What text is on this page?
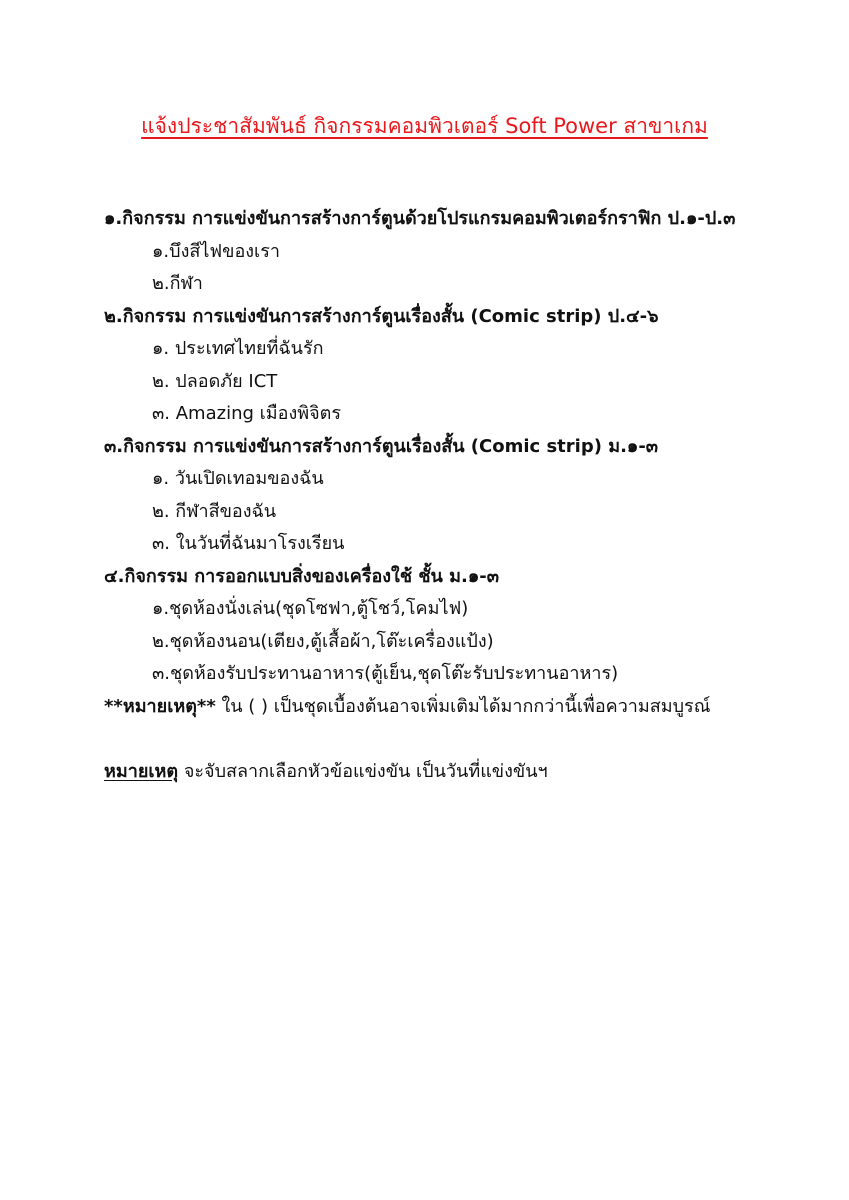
แจ้งประชาสัมพันธ์ กิจกรรมคอมพิวเตอร์ Soft Power สาขาเกม
๑.กิจกรรม การแข่งขันการสร้างการ์ตูนด้วยโปรแกรมคอมพิวเตอร์กราฟิก ป.๑-ป.๓
๑.บึงสีไฟของเรา
๒.กีฬา
๒.กิจกรรม การแข่งขันการสร้างการ์ตูนเรื่องสั้น (Comic strip) ป.๔-๖
๑. ประเทศไทยที่ฉันรัก
๒. ปลอดภัย ICT
๓. Amazing เมืองพิจิตร
๓.กิจกรรม การแข่งขันการสร้างการ์ตูนเรื่องสั้น (Comic strip) ม.๑-๓
๑. วันเปิดเทอมของฉัน
๒. กีฬาสีของฉัน
๓. ในวันที่ฉันมาโรงเรียน
๔.กิจกรรม การออกแบบสิ่งของเครื่องใช้ ชั้น ม.๑-๓
๑.ชุดห้องนั่งเล่น(ชุดโซฟา,ตู้โชว์,โคมไฟ)
๒.ชุดห้องนอน(เตียง,ตู้เสื้อผ้า,โต๊ะเครื่องแป้ง)
๓.ชุดห้องรับประทานอาหาร(ตู้เย็น,ชุดโต๊ะรับประทานอาหาร)
**หมายเหตุ** ใน ( ) เป็นชุดเบื้องต้นอาจเพิ่มเติมได้มากกว่านี้เพื่อความสมบูรณ์
หมายเหตุ จะจับสลากเลือกหัวข้อแข่งขัน เป็นวันที่แข่งขันฯ
